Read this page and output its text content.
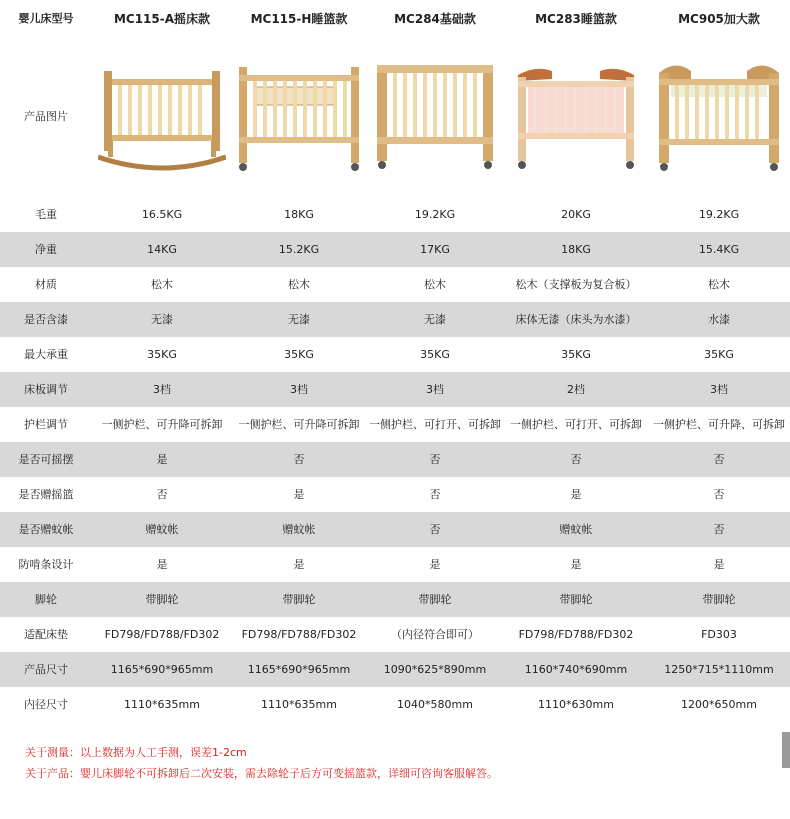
婴儿床型号	MC115-A摇床款	MC115-H睡篮款	MC284基础款	MC283睡篮款	MC905加大款
产品图片	

毛重	16.5KG	18KG	19.2KG	20KG	19.2KG
净重	14KG	15.2KG	17KG	18KG	15.4KG
材质	松木	松木	松木	松木（支撑板为复合板）	松木
是否含漆	无漆	无漆	无漆	床体无漆（床头为水漆）	水漆
最大承重	35KG	35KG	35KG	35KG	35KG
床板调节	3档	3档	3档	2档	3档
护栏调节	一侧护栏、可升降可拆卸	一侧护栏、可升降可拆卸	一侧护栏、可打开、可拆卸	一侧护栏、可打开、可拆卸	一侧护栏、可升降、可拆卸
是否可摇摆	是	否	否	否	否
是否赠摇篮	否	是	否	是	否
是否赠蚊帐	赠蚊帐	赠蚊帐	否	赠蚊帐	否
防啃条设计	是	是	是	是	是
脚轮	带脚轮	带脚轮	带脚轮	带脚轮	带脚轮
适配床垫	FD798/FD788/FD302	FD798/FD788/FD302	（内径符合即可）	FD798/FD788/FD302	FD303
产品尺寸	1165*690*965mm	1165*690*965mm	1090*625*890mm	1160*740*690mm	1250*715*1110mm
内径尺寸	1110*635mm	1110*635mm	1040*580mm	1110*630mm	1200*650mm
关于测量：以上数据为人工手测，误差1-2cm
关于产品：婴儿床脚轮不可拆卸后二次安装，需去除轮子后方可变摇篮款，详细可咨询客服解答。
